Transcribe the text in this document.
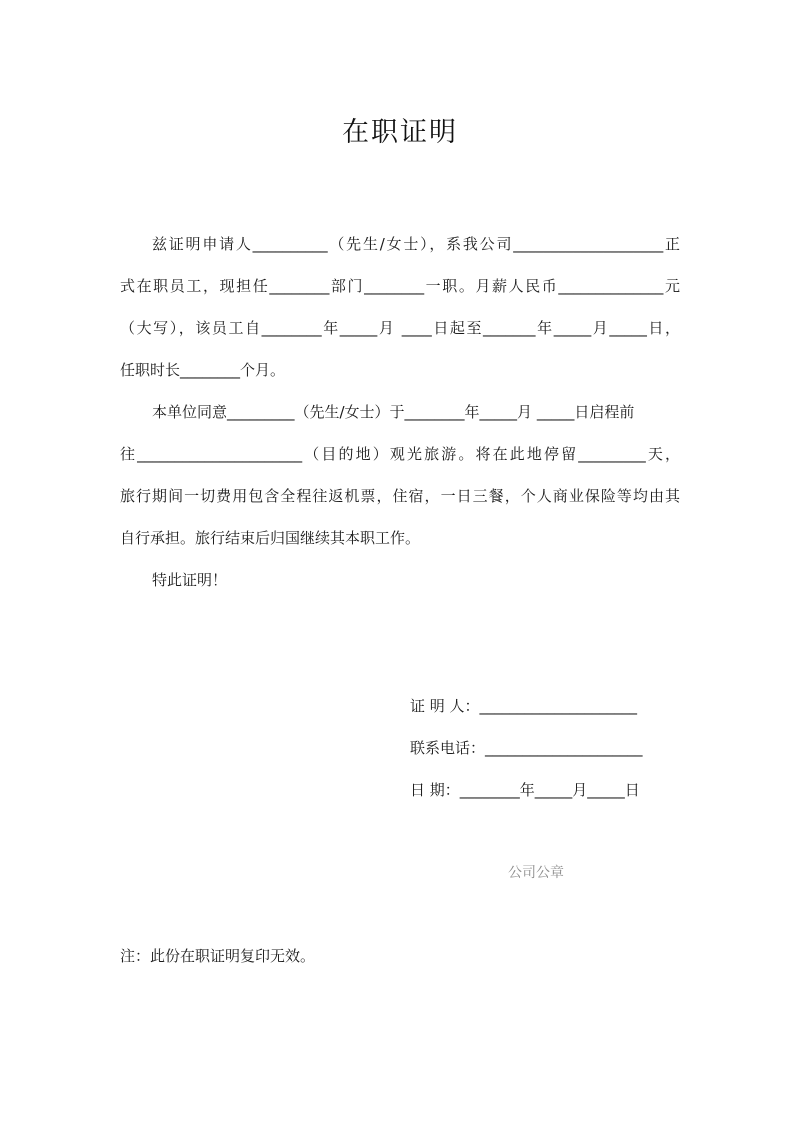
在职证明
兹证明申请人__________（先生/女士），系我公司____________________正
式在职员工，现担任________部门________一职。月薪人民币______________元
（大写），该员工自________年_____月 ____日起至_______年_____月_____日，
任职时长________个月。
本单位同意_________（先生/女士）于________年_____月 _____日启程前
往______________________（目的地）观光旅游。将在此地停留_________天，
旅行期间一切费用包含全程往返机票，住宿，一日三餐，个人商业保险等均由其
自行承担。旅行结束后归国继续其本职工作。
特此证明！
证 明 人：_____________________
联系电话：_____________________
日 期：________年_____月_____日
公司公章
注：此份在职证明复印无效。
